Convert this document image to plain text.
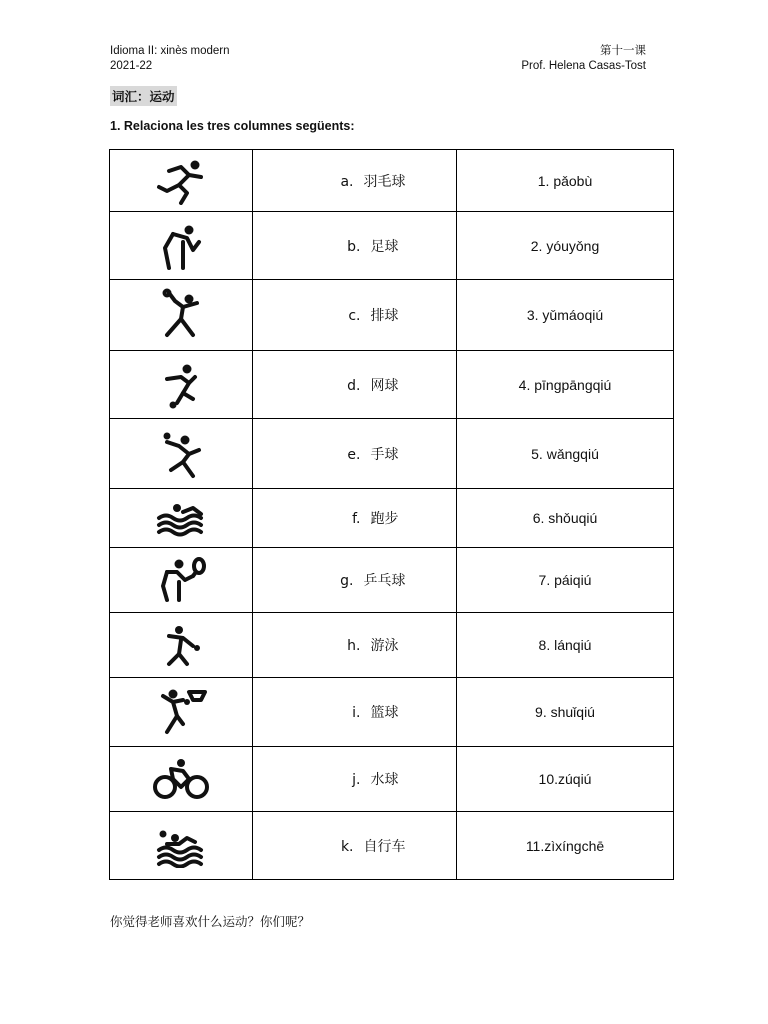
Idioma II: xinès modern
2021-22
第十一课
Prof. Helena Casas-Tost
词汇：运动
1. Relaciona les tres columnes següents:
	a. 羽毛球	1. pǎobù

	b. 足球	2. yóuyǒng

	c. 排球	3. yǔmáoqiú

	d. 网球	4. pīngpāngqiú

	e. 手球	5. wǎngqiú

	f. 跑步	6. shǒuqiú

	g. 乒乓球	7. páiqiú

	h. 游泳	8. lánqiú

	i. 篮球	9. shuǐqiú

	j. 水球	10.zúqiú

	k. 自行车	11.zìxíngchē
你觉得老师喜欢什么运动？你们呢？
